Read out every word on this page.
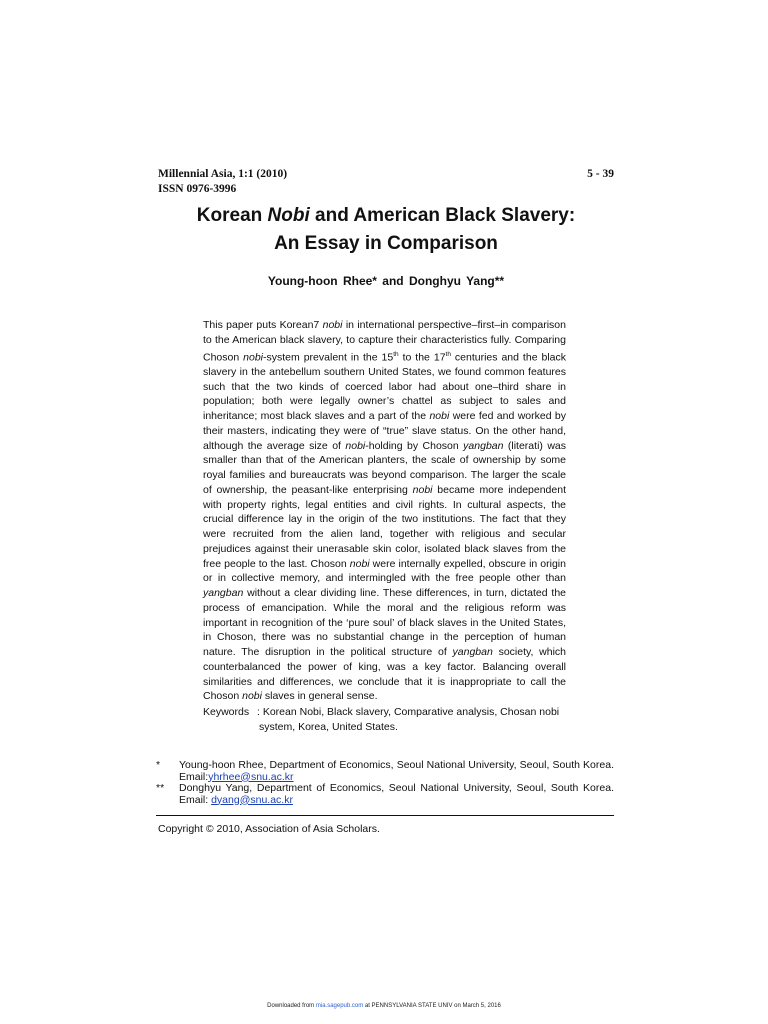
Millennial Asia, 1:1 (2010)
ISSN 0976-3996
5 - 39
Korean Nobi and American Black Slavery:
An Essay in Comparison
Young-hoon Rhee* and Donghyu Yang**
This paper puts Korean7 nobi in international perspective–first–in comparison to the American black slavery, to capture their characteristics fully. Comparing Choson nobi-system prevalent in the 15th to the 17th centuries and the black slavery in the antebellum southern United States, we found common features such that the two kinds of coerced labor had about one–third share in population; both were legally owner’s chattel as subject to sales and inheritance; most black slaves and a part of the nobi were fed and worked by their masters, indicating they were of “true” slave status. On the other hand, although the average size of nobi-holding by Choson yangban (literati) was smaller than that of the American planters, the scale of ownership by some royal families and bureaucrats was beyond comparison. The larger the scale of ownership, the peasant-like enterprising nobi became more independent with property rights, legal entities and civil rights. In cultural aspects, the crucial difference lay in the origin of the two institutions. The fact that they were recruited from the alien land, together with religious and secular prejudices against their unerasable skin color, isolated black slaves from the free people to the last. Choson nobi were internally expelled, obscure in origin or in collective memory, and intermingled with the free people other than yangban without a clear dividing line. These differences, in turn, dictated the process of emancipation. While the moral and the religious reform was important in recognition of the ‘pure soul’ of black slaves in the United States, in Choson, there was no substantial change in the perception of human nature. The disruption in the political structure of yangban society, which counterbalanced the power of king, was a key factor. Balancing overall similarities and differences, we conclude that it is inappropriate to call the Choson nobi slaves in general sense.
Keywords : Korean Nobi, Black slavery, Comparative analysis, Chosan nobi
system, Korea, United States.
*	Young-hoon Rhee, Department of Economics, Seoul National University, Seoul, South Korea.
Email:yhrhee@snu.ac.kr
**	Donghyu Yang, Department of Economics, Seoul National University, Seoul, South Korea.
Email: dyang@snu.ac.kr
Copyright © 2010, Association of Asia Scholars.
Downloaded from mia.sagepub.com at PENNSYLVANIA STATE UNIV on March 5, 2016
